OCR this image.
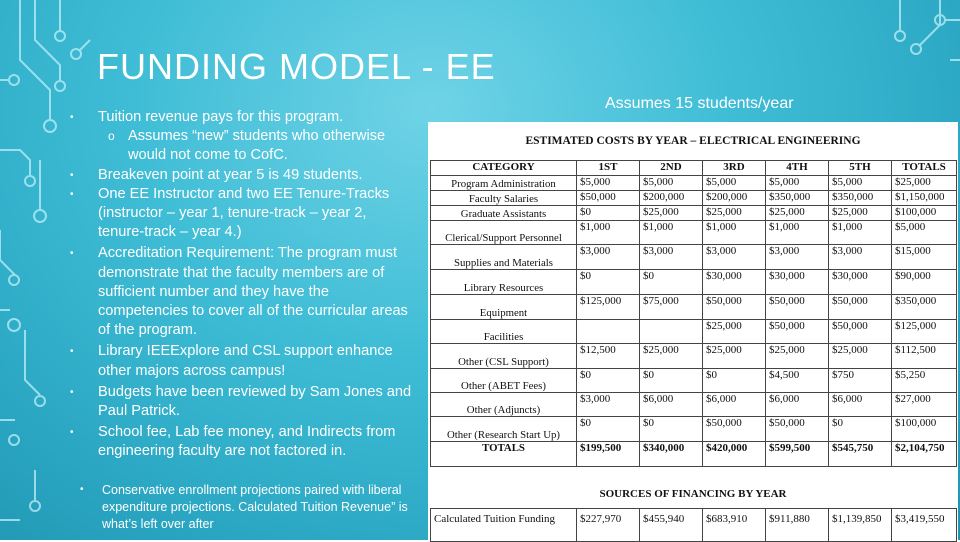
FUNDING MODEL - EE
• Tuition revenue pays for this program.
o Assumes “new” students who otherwise would not come to CofC.
• Breakeven point at year 5 is 49 students.
• One EE Instructor and two EE Tenure-Tracks    (instructor – year 1, tenure-track – year 2, tenure-track – year 4.)
• Accreditation Requirement: The program must demonstrate that the faculty members are of sufficient number and they have the competencies to cover all of the curricular areas of the program.
• Library IEEExplore and CSL support enhance other majors across campus!
• Budgets have been reviewed by Sam Jones and Paul Patrick.
• School fee, Lab fee money, and Indirects from engineering faculty are not factored in.
• Conservative enrollment projections paired with liberal expenditure projections. Calculated Tuition Revenue” is what’s left over after
Assumes 15 students/year
ESTIMATED COSTS BY YEAR – ELECTRICAL ENGINEERING
CATEGORY	1ST	2ND	3RD	4TH	5TH	TOTALS
Program Administration	$5,000	$5,000	$5,000	$5,000	$5,000	$25,000
Faculty Salaries	$50,000	$200,000	$200,000	$350,000	$350,000	$1,150,000
Graduate Assistants	$0	$25,000	$25,000	$25,000	$25,000	$100,000
Clerical/Support Personnel	$1,000	$1,000	$1,000	$1,000	$1,000	$5,000
Supplies and Materials	$3,000	$3,000	$3,000	$3,000	$3,000	$15,000
Library Resources	$0	$0	$30,000	$30,000	$30,000	$90,000
Equipment	$125,000	$75,000	$50,000	$50,000	$50,000	$350,000
Facilities			$25,000	$50,000	$50,000	$125,000
Other (CSL Support)	$12,500	$25,000	$25,000	$25,000	$25,000	$112,500
Other (ABET Fees)	$0	$0	$0	$4,500	$750	$5,250
Other (Adjuncts)	$3,000	$6,000	$6,000	$6,000	$6,000	$27,000
Other (Research Start Up)	$0	$0	$50,000	$50,000	$0	$100,000
TOTALS	$199,500	$340,000	$420,000	$599,500	$545,750	$2,104,750
SOURCES OF FINANCING BY YEAR
Calculated Tuition Funding	$227,970	$455,940	$683,910	$911,880	$1,139,850	$3,419,550
